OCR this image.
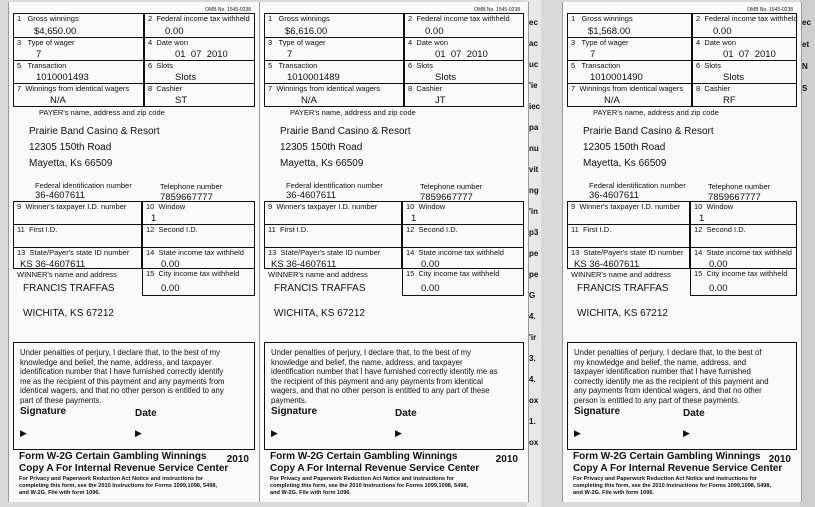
OMB No. 1545-0238
1   Gross winnings
$4,650.00
2  Federal income tax withheld
0.00
3   Type of wager
7
4  Date won
01  07  2010
5   Transaction
1010001493
6  Slots
Slots
7  Winnings from identical wagers
N/A
8  Cashier
ST
PAYER's name, address and zip code
Prairie Band Casino & Resort
12305 150th Road
Mayetta, Ks 66509
Federal identification number
36-4607611
Telephone number
7859667777
9  Winner's taxpayer I.D. number	10  Window
1
11  First I.D.	12  Second I.D.
13  State/Payer's state ID number
KS 36-4607611
14  State income tax withheld
0.00
WINNER's name and address	15  City income tax withheld
0.00
FRANCIS TRAFFAS
WICHITA, KS 67212
Under penalties of perjury, I declare that, to the best of my knowledge and belief, the name, address, and taxpayer identification number that I have furnished correctly identify me as the recipient of this payment and any payments from identical wagers, and that no other person is entitled to any part of these payments.
Signature	Date
▶	▶
Form W-2G Certain Gambling Winnings 2010
Copy A For Internal Revenue Service Center
For Privacy and Paperwork Reduction Act Notice and instructions for
completing this form, see the 2010 Instructions for Forms 1099,1098, 5498,
and W-2G. File with form 1096.
OMB No. 1545-0238
1   Gross winnings
$6,616.00
2  Federal income tax withheld
0.00
3   Type of wager
7
4  Date won
01  07  2010
5   Transaction
1010001489
6  Slots
Slots
7  Winnings from identical wagers
N/A
8  Cashier
JT
PAYER's name, address and zip code
Prairie Band Casino & Resort
12305 150th Road
Mayetta, Ks 66509
Federal identification number
36-4607611
Telephone number
7859667777
9  Winner's taxpayer I.D. number	10  Window
1
11  First I.D.	12  Second I.D.
13  State/Payer's state ID number
KS 36-4607611
14  State income tax withheld
0.00
WINNER's name and address	15  City income tax withheld
0.00
FRANCIS TRAFFAS
WICHITA, KS 67212
Under penalties of perjury, I declare that, to the best of my knowledge and belief, the name, address, and taxpayer identification number that I have furnished correctly identify me as the recipient of this payment and any payments from identical wagers, and that no other person is entitled to any part of these payments.
Signature	Date
▶	▶
Form W-2G Certain Gambling Winnings	2010
Copy A For Internal Revenue Service Center
For Privacy and Paperwork Reduction Act Notice and instructions for
completing this form, see the 2010 Instructions for Forms 1099,1098, 5498,
and W-2G. File with form 1096.
OMB No. 1545-0238
1   Gross winnings
$1,568.00
2  Federal income tax withheld
0.00
3   Type of wager
7
4  Date won
01  07  2010
5   Transaction
1010001490
6  Slots
Slots
7  Winnings from identical wagers
N/A
8  Cashier
RF
PAYER's name, address and zip code
Prairie Band Casino & Resort
12305 150th Road
Mayetta, Ks 66509
Federal identification number
36-4607611
Telephone number
7859667777
9  Winner's taxpayer I.D. number 10  Window
1
11  First I.D.	12  Second I.D.
13  State/Payer's state ID number
KS 36-4607611
14  State income tax withheld
0.00
WINNER's name and address	15  City income tax withheld
0.00
FRANCIS TRAFFAS
WICHITA, KS 67212
Under penalties of perjury, I declare that, to the best of my knowledge and belief, the name, address, and taxpayer identification number that I have furnished correctly identify me as the recipient of this payment and any payments from identical wagers, and that no other person is entitled to any part of these payments.
Signature	Date
▶	▶
Form W-2G Certain Gambling Winnings 2010
Copy A For Internal Revenue Service Center
For Privacy and Paperwork Reduction Act Notice and instructions for
completing this form, see the 2010 Instructions for Forms 1099,1098, 5498,
and W-2G. File with form 1096.
ec
ac
uc
'ie
iec
pa
nu
vit
ng
'in
p3
pe
pe
G
4.
'ir
3.
4.
ox
1.
ox
ec
et
N
S
